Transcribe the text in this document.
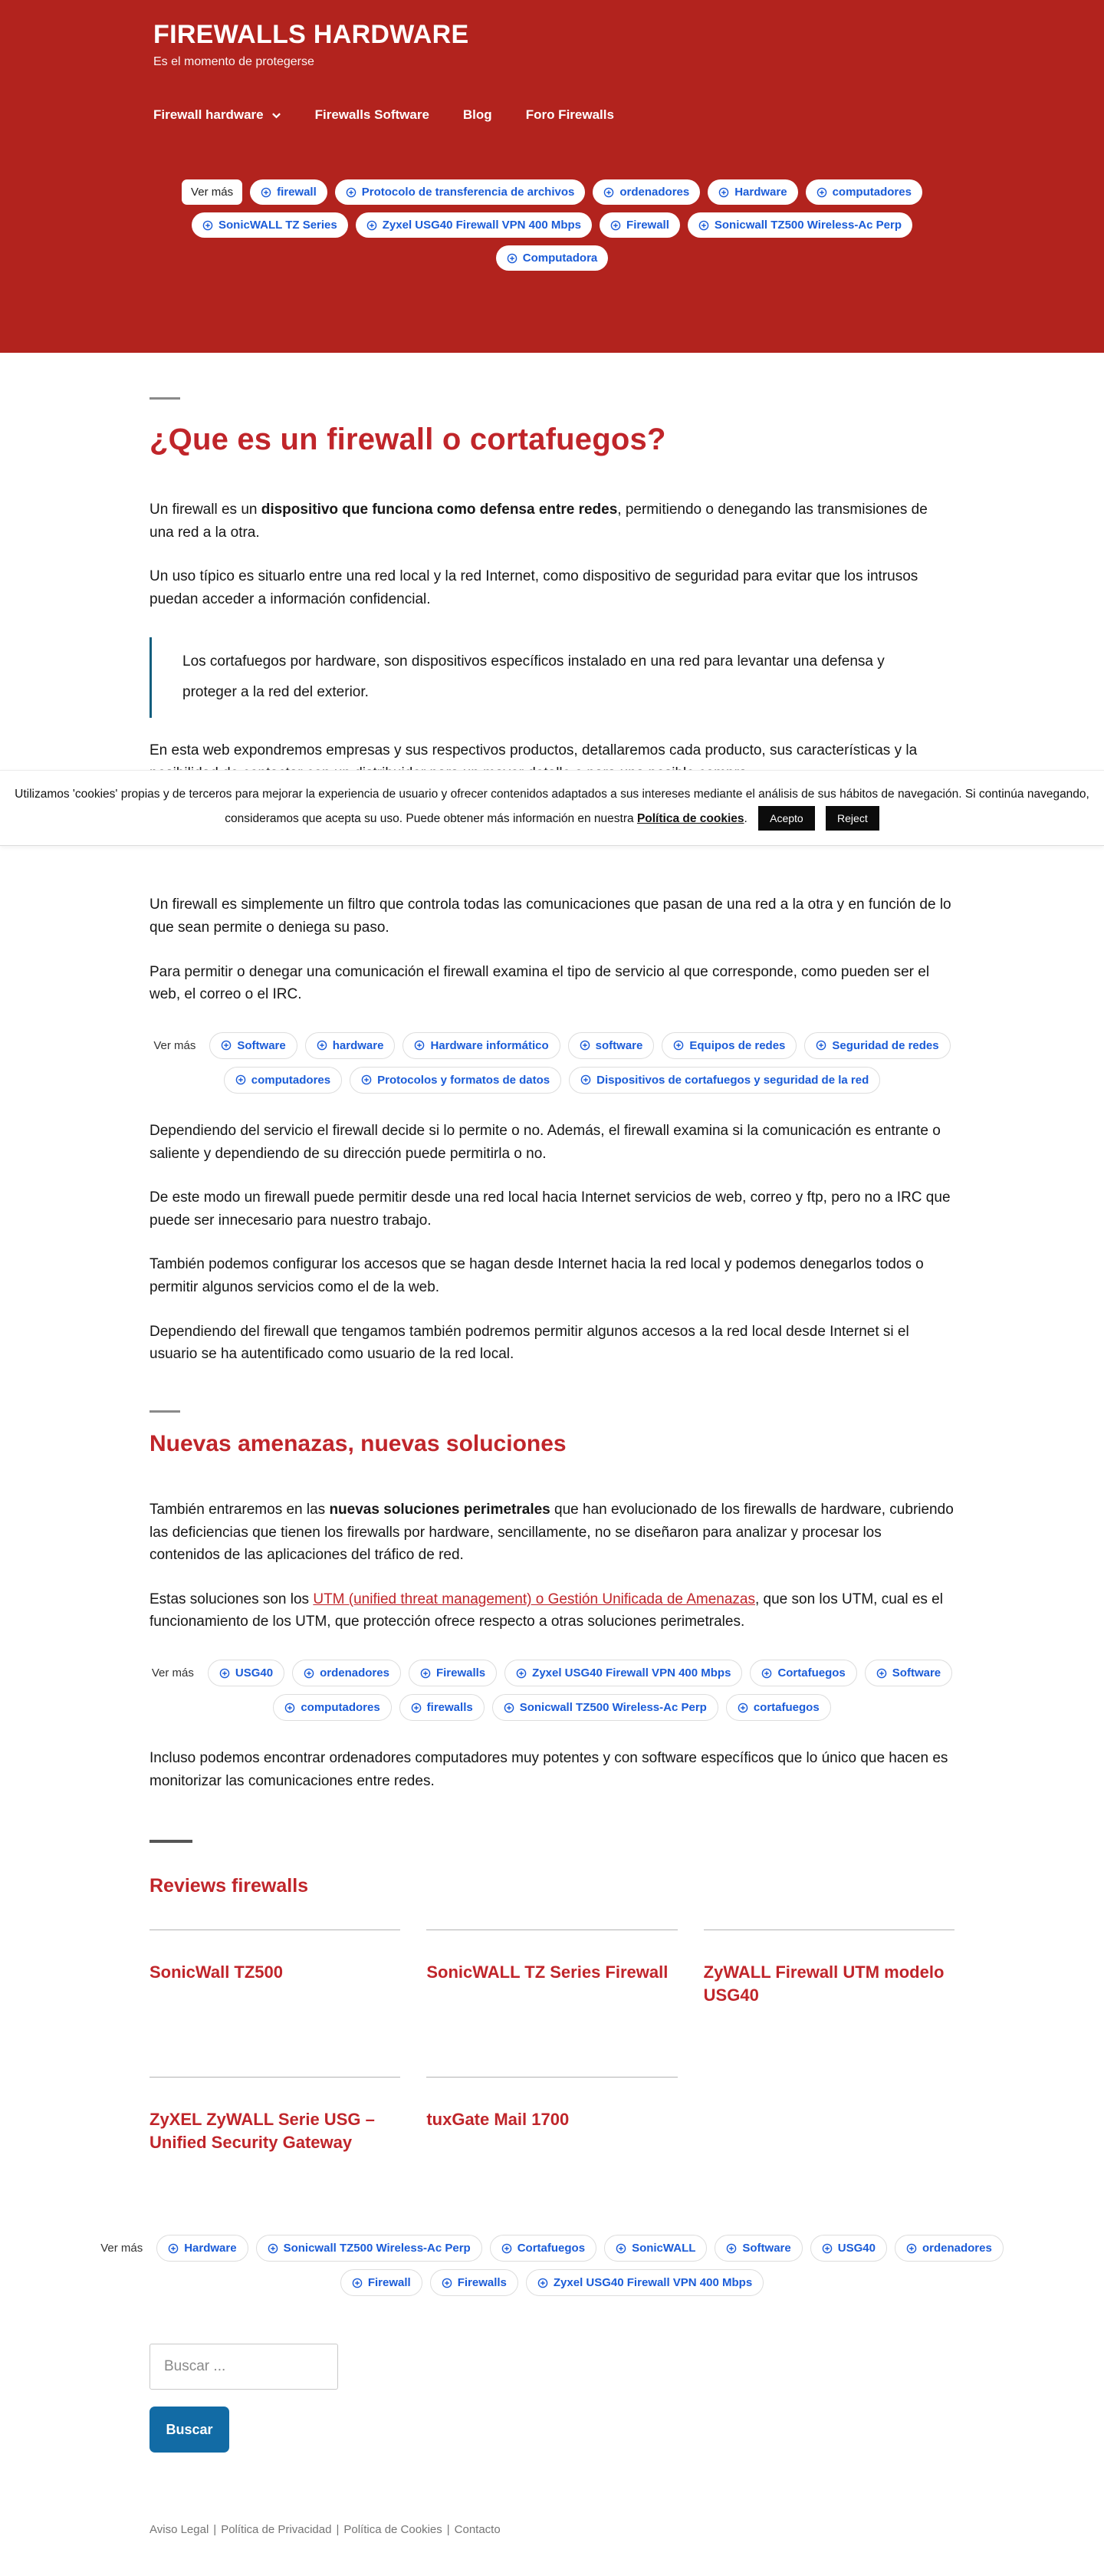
FIREWALLS HARDWARE
Es el momento de protegerse
Firewall hardware	Firewalls Software	Blog	Foro Firewalls
Ver más	firewall	Protocolo de transferencia de archivos	ordenadores	Hardware	computadores
SonicWALL TZ Series	Zyxel USG40 Firewall VPN 400 Mbps	Firewall	Sonicwall TZ500 Wireless-Ac Perp
Computadora
¿Que es un firewall o cortafuegos?

Un firewall es un dispositivo que funciona como defensa entre redes, permitiendo o denegando las transmisiones de una red a la otra.

Un uso típico es situarlo entre una red local y la red Internet, como dispositivo de seguridad para evitar que los intrusos puedan acceder a información confidencial.

Los cortafuegos por hardware, son dispositivos específicos instalado en una red para levantar una defensa y proteger a la red del exterior.

En esta web expondremos empresas y sus respectivos productos, detallaremos cada producto, sus características y la

Un firewall es simplemente un filtro que controla todas las comunicaciones que pasan de una red a la otra y en función de lo que sean permite o deniega su paso.

Para permitir o denegar una comunicación el firewall examina el tipo de servicio al que corresponde, como pueden ser el web, el correo o el IRC.

Ver más	Software	hardware	Hardware informático	software	Equipos de redes	Seguridad de redes
computadores	Protocolos y formatos de datos	Dispositivos de cortafuegos y seguridad de la red

Dependiendo del servicio el firewall decide si lo permite o no. Además, el firewall examina si la comunicación es entrante o saliente y dependiendo de su dirección puede permitirla o no.

De este modo un firewall puede permitir desde una red local hacia Internet servicios de web, correo y ftp, pero no a IRC que puede ser innecesario para nuestro trabajo.

También podemos configurar los accesos que se hagan desde Internet hacia la red local y podemos denegarlos todos o permitir algunos servicios como el de la web.

Dependiendo del firewall que tengamos también podremos permitir algunos accesos a la red local desde Internet si el usuario se ha autentificado como usuario de la red local.

Nuevas amenazas, nuevas soluciones

También entraremos en las nuevas soluciones perimetrales que han evolucionado de los firewalls de hardware, cubriendo las deficiencias que tienen los firewalls por hardware, sencillamente, no se diseñaron para analizar y procesar los contenidos de las aplicaciones del tráfico de red.

Estas soluciones son los UTM (unified threat management) o Gestión Unificada de Amenazas, que son los UTM, cual es el funcionamiento de los UTM, que protección ofrece respecto a otras soluciones perimetrales.

Ver más	USG40	ordenadores	Firewalls	Zyxel USG40 Firewall VPN 400 Mbps	Cortafuegos	Software
computadores	firewalls	Sonicwall TZ500 Wireless-Ac Perp	cortafuegos

Incluso podemos encontrar ordenadores computadores muy potentes y con software específicos que lo único que hacen es monitorizar las comunicaciones entre redes.

Reviews firewalls
SonicWall TZ500	SonicWALL TZ Series Firewall	ZyWALL Firewall UTM modelo USG40
ZyXEL ZyWALL Serie USG – Unified Security Gateway
tuxGate Mail 1700
Ver más	Hardware	Sonicwall TZ500 Wireless-Ac Perp	Cortafuegos	SonicWALL	Software	USG40	ordenadores
Firewall	Firewalls	Zyxel USG40 Firewall VPN 400 Mbps
Buscar ...
Buscar
Aviso Legal | Política de Privacidad | Política de Cookies | Contacto
Utilizamos 'cookies' propias y de terceros para mejorar la experiencia de usuario y ofrecer contenidos adaptados a sus intereses mediante el análisis de sus hábitos de navegación. Si continúa navegando, consideramos que acepta su uso. Puede obtener más información en nuestra Política de cookies. Acepto	Reject
